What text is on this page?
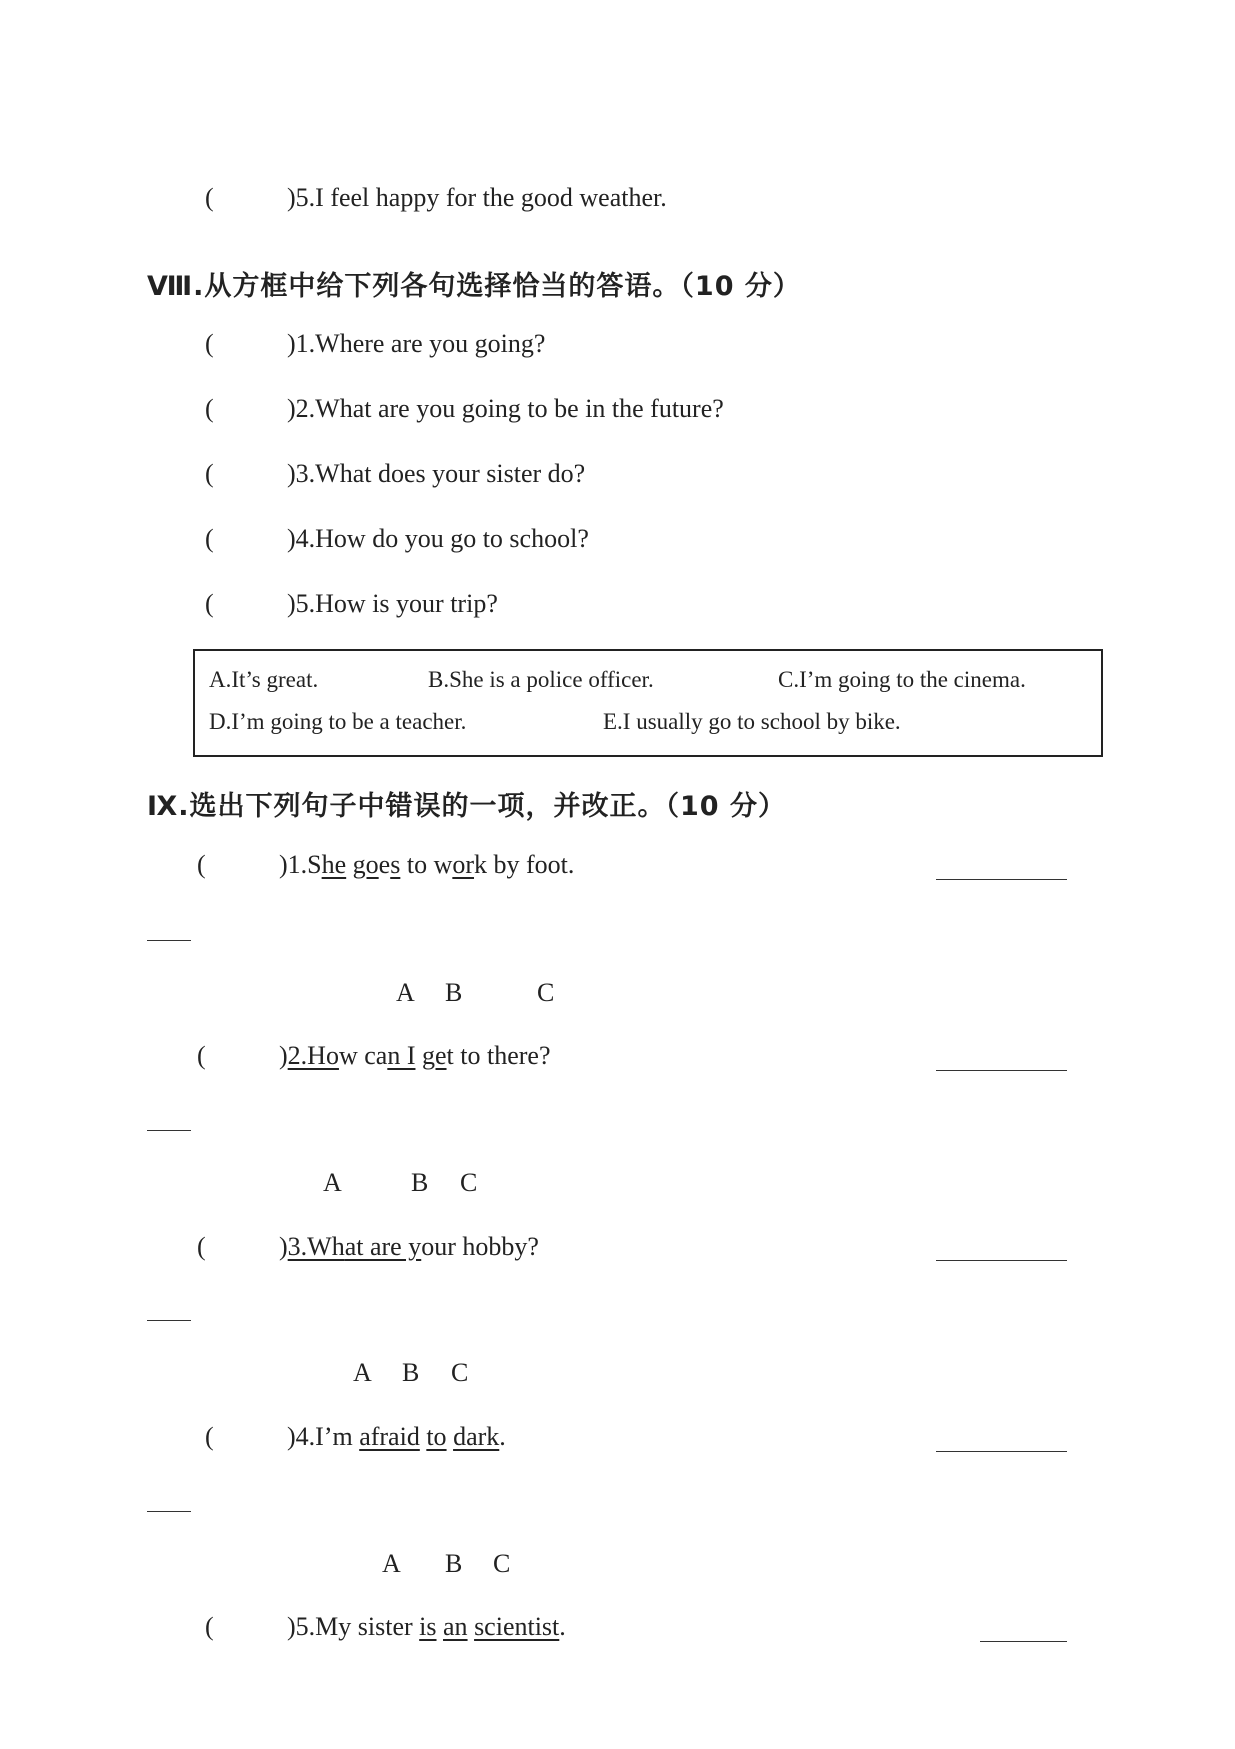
(	)5.I feel happy for the good weather.
Ⅷ.从方框中给下列各句选择恰当的答语。（10 分）
(	)1.Where are you going?
(	)2.What are you going to be in the future?
(	)3.What does your sister do?
(	)4.How do you go to school?
(	)5.How is your trip?
A.It’s great.	B.She is a police officer.	C.I’m going to the cinema.
D.I’m going to be a teacher.	E.I usually go to school by bike.
Ⅸ.选出下列句子中错误的一项，并改正。（10 分）
(	)1.She goes to work by foot.
A B	C
(	)2.How can I get to there?
A	B C
(	)3.What are your hobby?
A B C
(	)4.I’m afraid to dark.
A B C
(	)5.My sister is an scientist.
